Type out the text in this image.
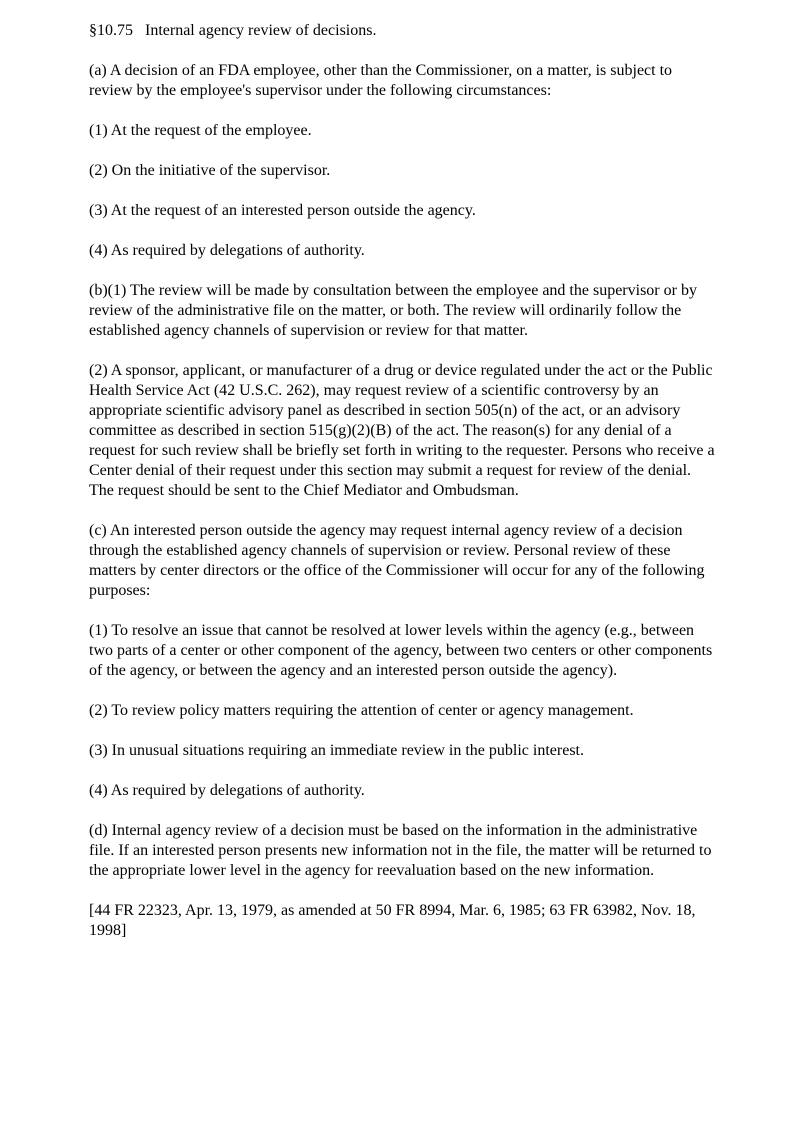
§10.75   Internal agency review of decisions.

(a) A decision of an FDA employee, other than the Commissioner, on a matter, is subject to review by the employee's supervisor under the following circumstances:

(1) At the request of the employee.

(2) On the initiative of the supervisor.

(3) At the request of an interested person outside the agency.

(4) As required by delegations of authority.

(b)(1) The review will be made by consultation between the employee and the supervisor or by review of the administrative file on the matter, or both. The review will ordinarily follow the established agency channels of supervision or review for that matter.

(2) A sponsor, applicant, or manufacturer of a drug or device regulated under the act or the Public Health Service Act (42 U.S.C. 262), may request review of a scientific controversy by an appropriate scientific advisory panel as described in section 505(n) of the act, or an advisory committee as described in section 515(g)(2)(B) of the act. The reason(s) for any denial of a request for such review shall be briefly set forth in writing to the requester. Persons who receive a Center denial of their request under this section may submit a request for review of the denial. The request should be sent to the Chief Mediator and Ombudsman.

(c) An interested person outside the agency may request internal agency review of a decision through the established agency channels of supervision or review. Personal review of these matters by center directors or the office of the Commissioner will occur for any of the following purposes:

(1) To resolve an issue that cannot be resolved at lower levels within the agency (e.g., between two parts of a center or other component of the agency, between two centers or other components of the agency, or between the agency and an interested person outside the agency).

(2) To review policy matters requiring the attention of center or agency management.

(3) In unusual situations requiring an immediate review in the public interest.

(4) As required by delegations of authority.

(d) Internal agency review of a decision must be based on the information in the administrative file. If an interested person presents new information not in the file, the matter will be returned to the appropriate lower level in the agency for reevaluation based on the new information.

[44 FR 22323, Apr. 13, 1979, as amended at 50 FR 8994, Mar. 6, 1985; 63 FR 63982, Nov. 18, 1998]
